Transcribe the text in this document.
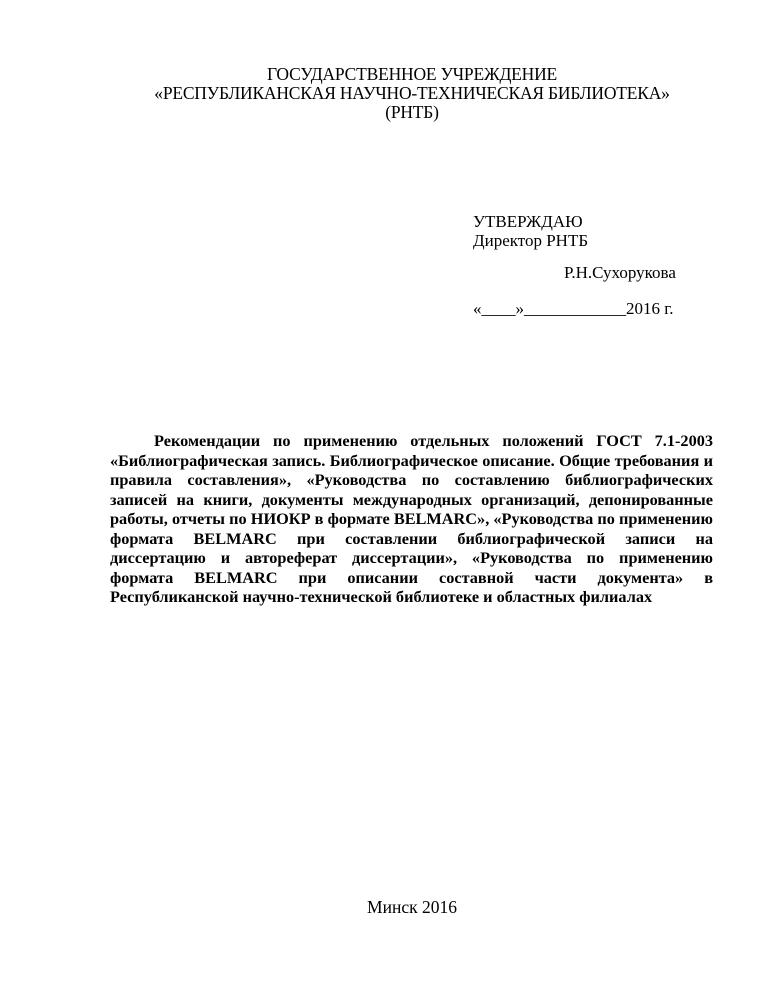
ГОСУДАРСТВЕННОЕ УЧРЕЖДЕНИЕ
«РЕСПУБЛИКАНСКАЯ НАУЧНО-ТЕХНИЧЕСКАЯ БИБЛИОТЕКА»
(РНТБ)
УТВЕРЖДАЮ
Директор РНТБ
Р.Н.Сухорукова
«____»____________2016 г.
Рекомендации по применению отдельных положений ГОСТ 7.1-2003 «Библиографическая запись. Библиографическое описание. Общие требования и правила составления», «Руководства по составлению библиографических записей на книги, документы международных организаций, депонированные работы, отчеты по НИОКР в формате BELMARC», «Руководства по применению формата BELMARC при составлении библиографической записи на диссертацию и автореферат диссертации», «Руководства по применению формата BELMARC при описании составной части документа» в Республиканской научно-технической библиотеке и областных филиалах
Минск 2016
